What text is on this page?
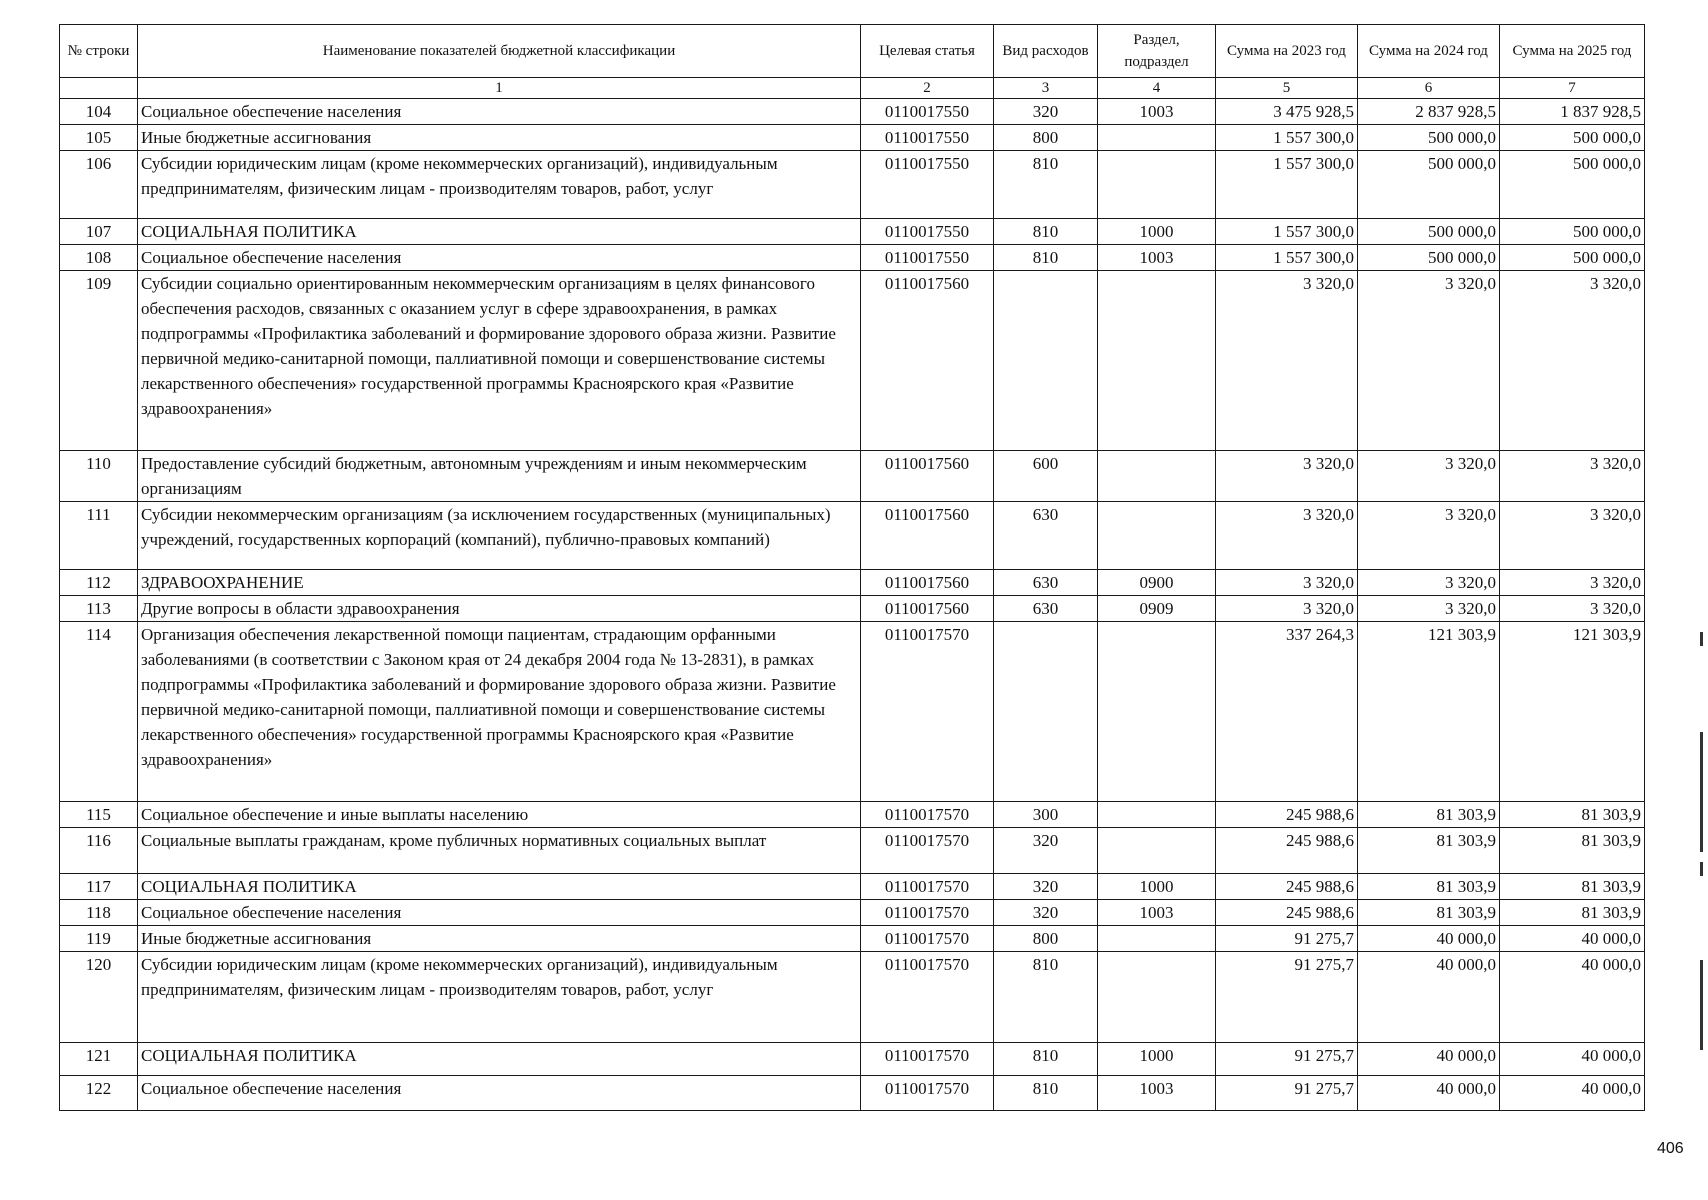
№ строки	Наименование показателей бюджетной классификации	Целевая статья	Вид расходов	Раздел, подраздел	Сумма на 2023 год	Сумма на 2024 год	Сумма на 2025 год
	1	2	3	4	5	6	7
104	Социальное обеспечение населения	0110017550	320	1003	3 475 928,5	2 837 928,5	1 837 928,5
105	Иные бюджетные ассигнования	0110017550	800		1 557 300,0	500 000,0	500 000,0
106	Субсидии юридическим лицам (кроме некоммерческих организаций), индивидуальным предпринимателям, физическим лицам - производителям товаров, работ, услуг	0110017550	810		1 557 300,0	500 000,0	500 000,0
107	СОЦИАЛЬНАЯ ПОЛИТИКА	0110017550	810	1000	1 557 300,0	500 000,0	500 000,0
108	Социальное обеспечение населения	0110017550	810	1003	1 557 300,0	500 000,0	500 000,0
109	Субсидии социально ориентированным некоммерческим организациям в целях финансового обеспечения расходов, связанных с оказанием услуг в сфере здравоохранения, в рамках подпрограммы «Профилактика заболеваний и формирование здорового образа жизни. Развитие первичной медико-санитарной помощи, паллиативной помощи и совершенствование системы лекарственного обеспечения» государственной программы Красноярского края «Развитие здравоохранения»	0110017560			3 320,0	3 320,0	3 320,0
110	Предоставление субсидий бюджетным, автономным учреждениям и иным некоммерческим организациям	0110017560	600		3 320,0	3 320,0	3 320,0
111	Субсидии некоммерческим организациям (за исключением государственных (муниципальных) учреждений, государственных корпораций (компаний), публично-правовых компаний)	0110017560	630		3 320,0	3 320,0	3 320,0
112	ЗДРАВООХРАНЕНИЕ	0110017560	630	0900	3 320,0	3 320,0	3 320,0
113	Другие вопросы в области здравоохранения	0110017560	630	0909	3 320,0	3 320,0	3 320,0
114	Организация обеспечения лекарственной помощи пациентам, страдающим орфанными заболеваниями (в соответствии с Законом края от 24 декабря 2004 года № 13-2831), в рамках подпрограммы «Профилактика заболеваний и формирование здорового образа жизни. Развитие первичной медико-санитарной помощи, паллиативной помощи и совершенствование системы лекарственного обеспечения» государственной программы Красноярского края «Развитие здравоохранения»	0110017570			337 264,3	121 303,9	121 303,9
115	Социальное обеспечение и иные выплаты населению	0110017570	300		245 988,6	81 303,9	81 303,9
116	Социальные выплаты гражданам, кроме публичных нормативных социальных выплат	0110017570	320		245 988,6	81 303,9	81 303,9
117	СОЦИАЛЬНАЯ ПОЛИТИКА	0110017570	320	1000	245 988,6	81 303,9	81 303,9
118	Социальное обеспечение населения	0110017570	320	1003	245 988,6	81 303,9	81 303,9
119	Иные бюджетные ассигнования	0110017570	800		91 275,7	40 000,0	40 000,0
120	Субсидии юридическим лицам (кроме некоммерческих организаций), индивидуальным предпринимателям, физическим лицам - производителям товаров, работ, услуг	0110017570	810		91 275,7	40 000,0	40 000,0
121	СОЦИАЛЬНАЯ ПОЛИТИКА	0110017570	810	1000	91 275,7	40 000,0	40 000,0
122	Социальное обеспечение населения	0110017570	810	1003	91 275,7	40 000,0	40 000,0
406
